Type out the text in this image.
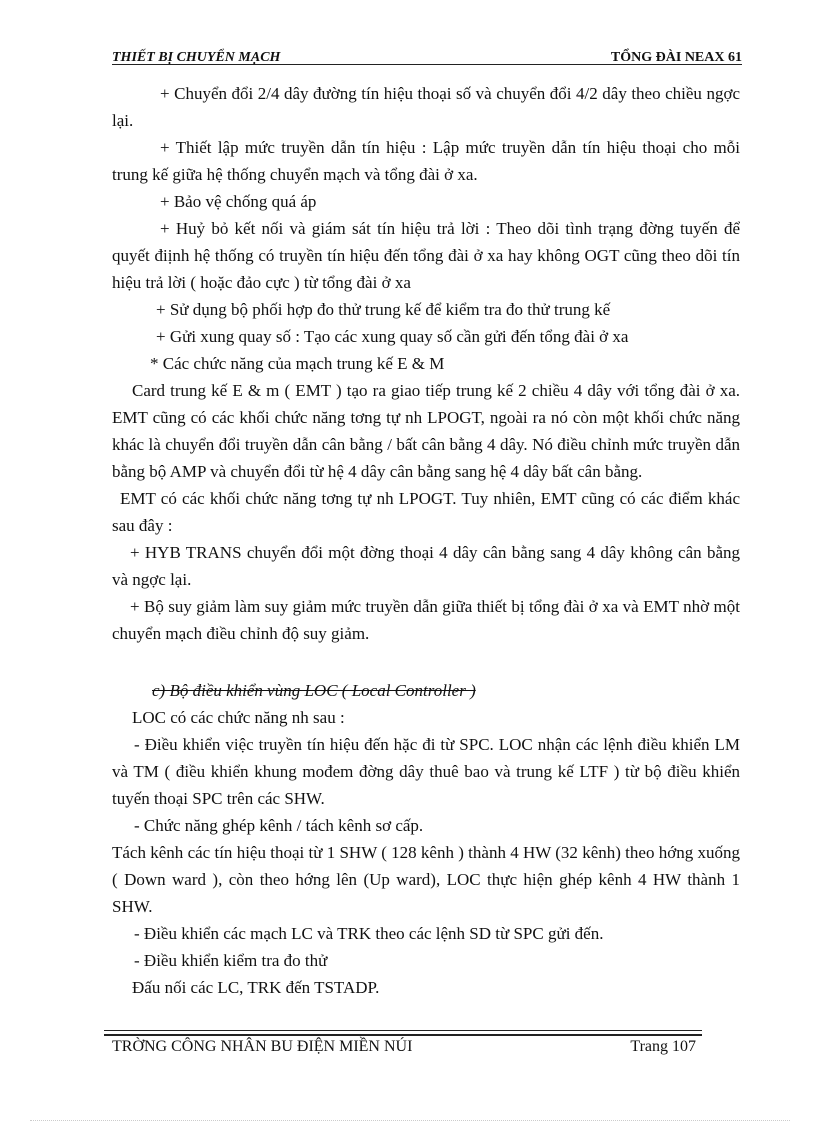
THIẾT BỊ CHUYỂN MẠCH	TỔNG ĐÀI NEAX 61

+ Chuyển đổi 2/4 dây đường tín hiệu thoại số và chuyển đổi 4/2 dây theo chiều ngợc lại.

+ Thiết lập mức truyền dẫn tín hiệu : Lập mức truyền dẫn tín hiệu thoại cho mỗi trung kế giữa hệ thống chuyển mạch và tổng đài ở xa.

+ Bảo vệ chống quá áp

+ Huỷ bỏ kết nối và giám sát tín hiệu trả lời : Theo dõi tình trạng đờng tuyến để quyết điịnh hệ thống có truyền tín hiệu đến tổng đài ở xa hay không OGT cũng theo dõi tín hiệu trả lời ( hoặc đảo cực ) từ tổng đài ở xa

+ Sử dụng bộ phối hợp đo thử trung kế để kiểm tra đo thử trung kế

+ Gửi xung quay số : Tạo các xung quay số cần gửi đến tổng đài ở xa

* Các chức năng của mạch trung kế E & M

Card trung kế E & m ( EMT ) tạo ra giao tiếp trung kế 2 chiều 4 dây với tổng đài ở xa. EMT cũng có các khối chức năng tơng tự nh LPOGT, ngoài ra nó còn một khối chức năng khác là chuyển đổi truyền dẫn cân bằng / bất cân bằng 4 dây. Nó điều chỉnh mức truyền dẫn bằng bộ AMP và chuyển đổi từ hệ 4 dây cân bằng sang hệ 4 dây bất cân bằng.

EMT có các khối chức năng tơng tự nh LPOGT. Tuy nhiên, EMT cũng có các điểm khác sau đây :

+ HYB TRANS chuyển đổi một đờng thoại 4 dây cân bằng sang 4 dây không cân bằng và ngợc lại.

+ Bộ suy giảm làm suy giảm mức truyền dẫn giữa thiết bị tổng đài ở xa và EMT nhờ một chuyển mạch điều chỉnh độ suy giảm.

c) Bộ điều khiển vùng LOC ( Local Controller )

LOC có các chức năng nh sau :

- Điều khiển việc truyền tín hiệu đến hặc đi từ SPC. LOC nhận các lệnh điều khiển LM và TM ( điều khiển khung mođem đờng dây thuê bao và trung kế LTF ) từ bộ điều khiển tuyến thoại SPC trên các SHW.

- Chức năng ghép kênh / tách kênh sơ cấp.

Tách kênh các tín hiệu thoại từ 1 SHW ( 128 kênh ) thành 4 HW (32 kênh) theo hớng xuống ( Down ward ), còn theo hớng lên (Up ward), LOC thực hiện ghép kênh 4 HW thành 1 SHW.

- Điều khiển các mạch LC và TRK theo các lệnh SD từ SPC gửi đến.

- Điều khiển kiểm tra đo thử

Đấu nối các LC, TRK đến TSTADP.

TRỜNG CÔNG NHÂN BU ĐIỆN MIỀN NÚI	Trang 107
